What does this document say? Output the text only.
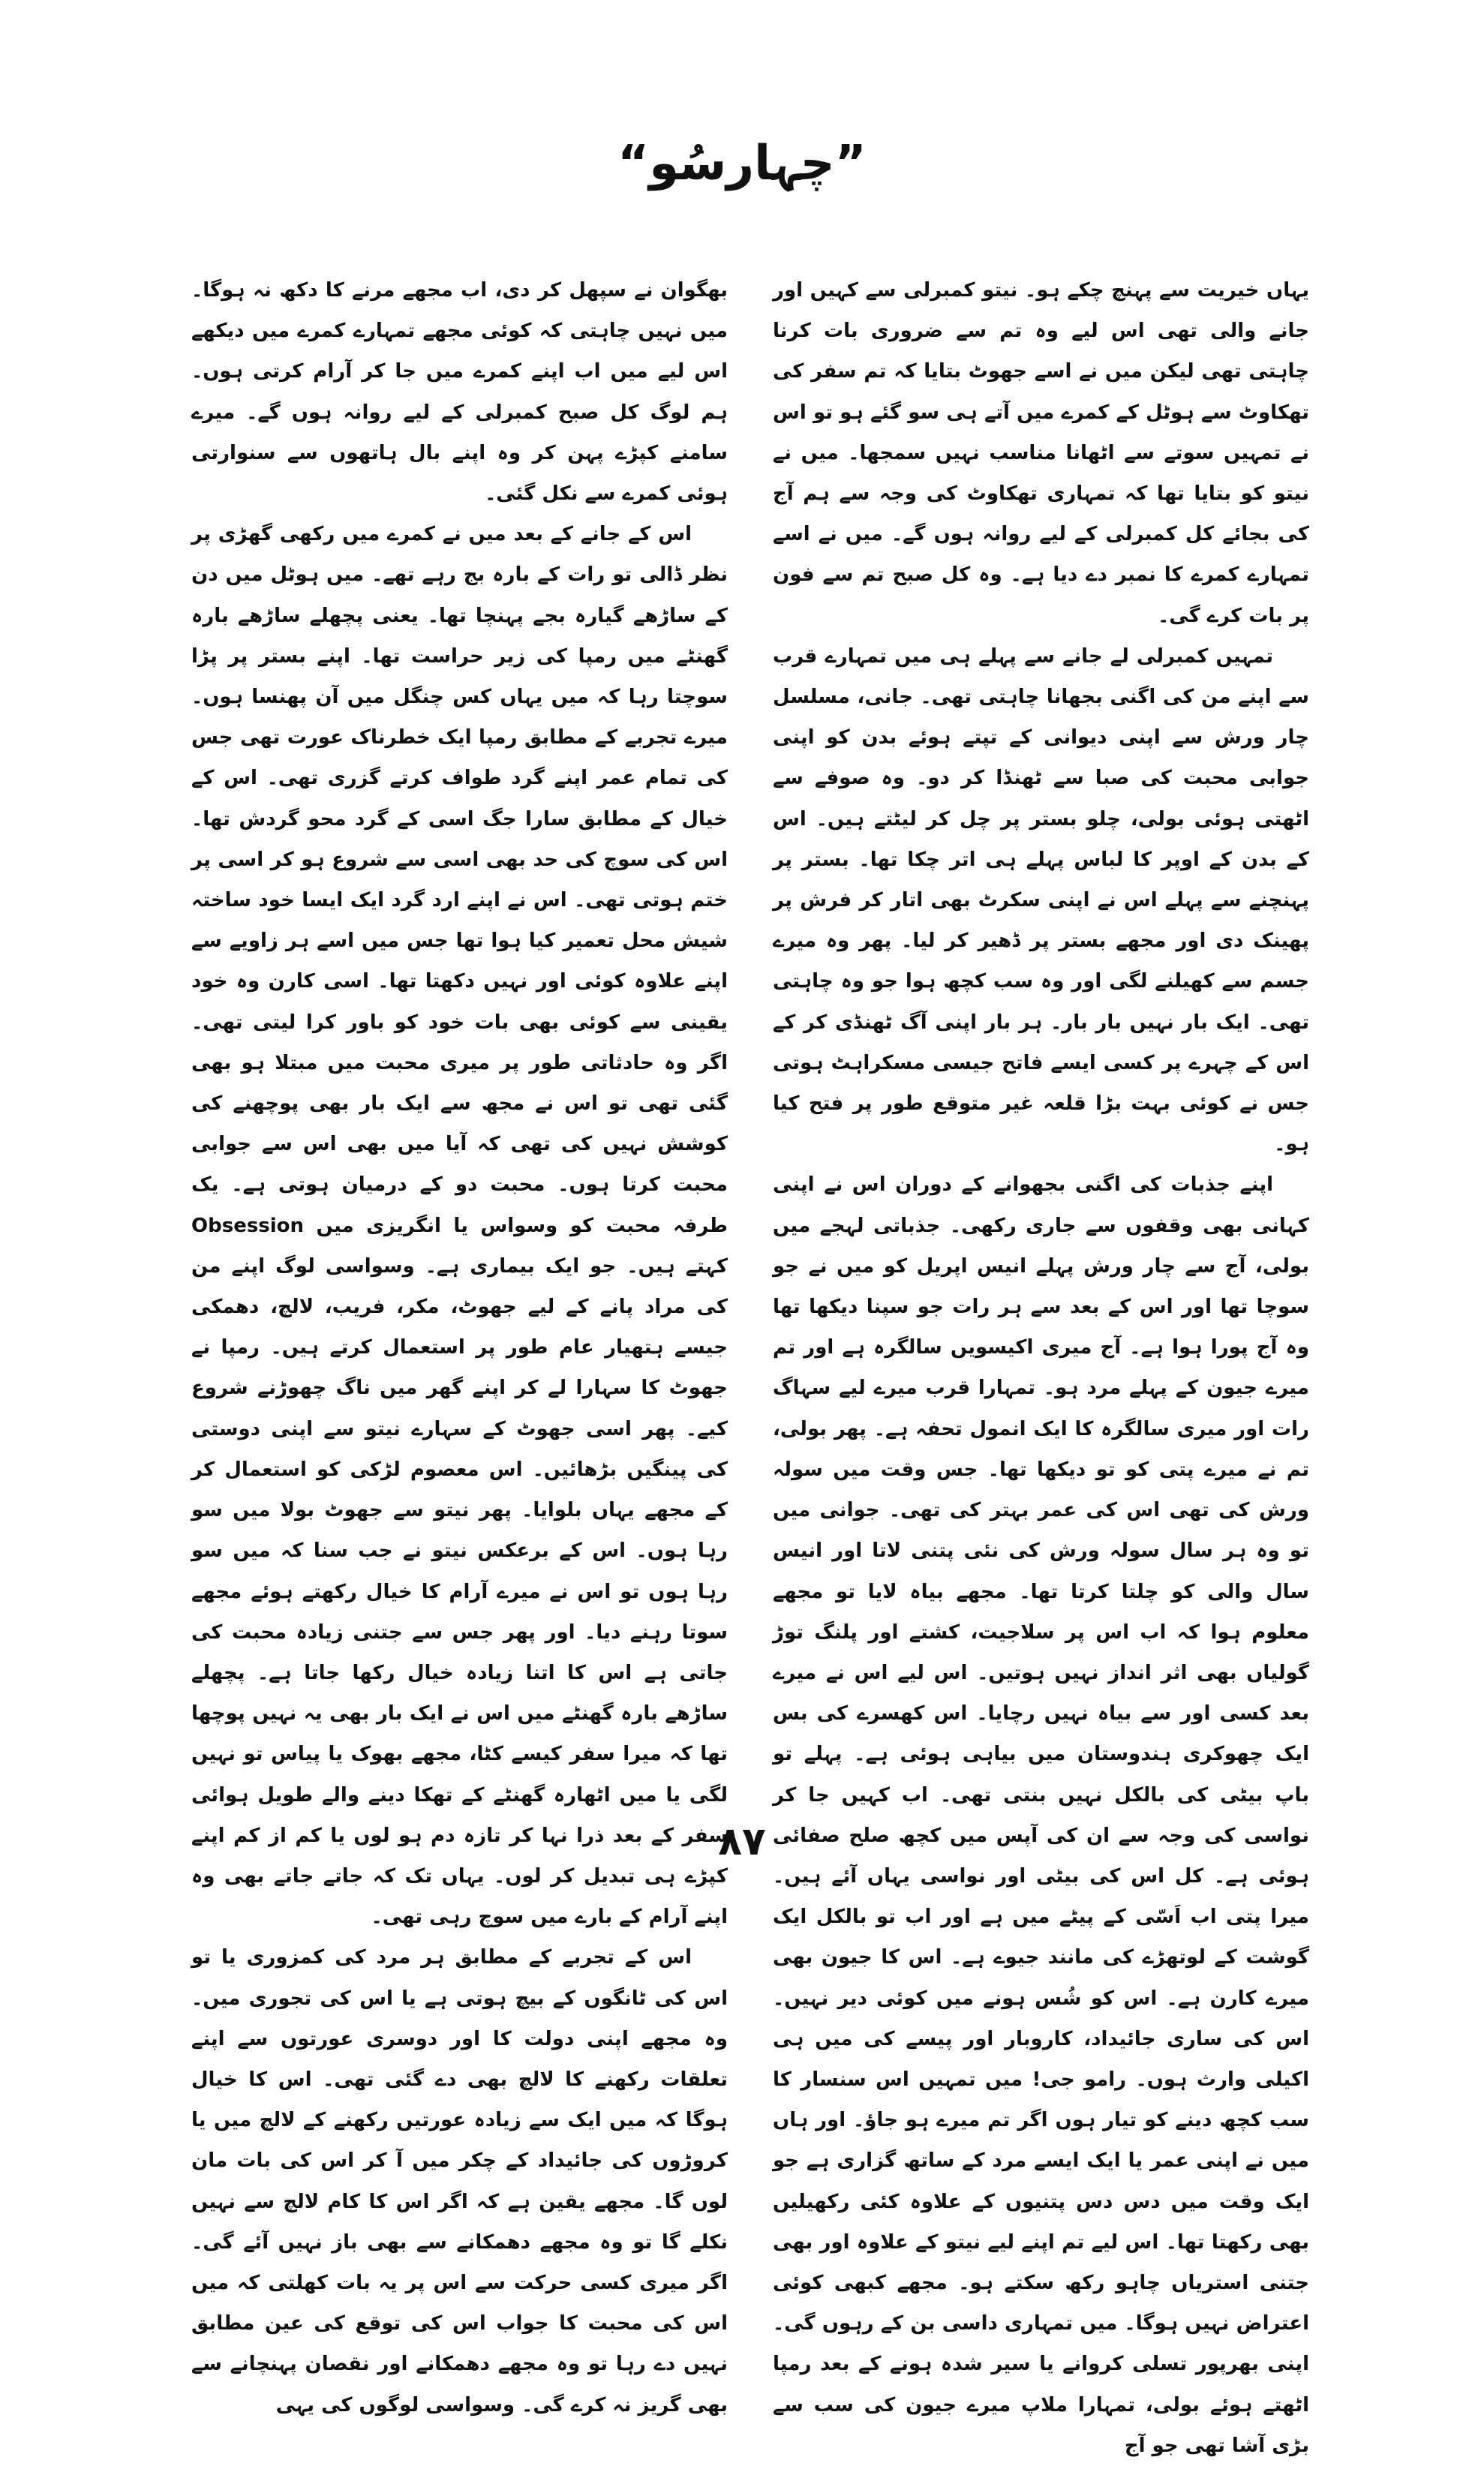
”چہارسُو“

یہاں خیریت سے پہنچ چکے ہو۔ نیتو کمبرلی سے کہیں اور جانے والی تھی اس لیے وہ تم سے ضروری بات کرنا چاہتی تھی لیکن میں نے اسے جھوٹ بتایا کہ تم سفر کی تھکاوٹ سے ہوٹل کے کمرے میں آتے ہی سو گئے ہو تو اس نے تمہیں سوتے سے اٹھانا مناسب نہیں سمجھا۔ میں نے نیتو کو بتایا تھا کہ تمہاری تھکاوٹ کی وجہ سے ہم آج کی بجائے کل کمبرلی کے لیے روانہ ہوں گے۔ میں نے اسے تمہارے کمرے کا نمبر دے دیا ہے۔ وہ کل صبح تم سے فون پر بات کرے گی۔

تمہیں کمبرلی لے جانے سے پہلے ہی میں تمہارے قرب سے اپنے من کی اگنی بجھانا چاہتی تھی۔ جانی، مسلسل چار ورش سے اپنی دیوانی کے تپتے ہوئے بدن کو اپنی جوابی محبت کی صبا سے ٹھنڈا کر دو۔ وہ صوفے سے اٹھتی ہوئی بولی، چلو بستر پر چل کر لیٹتے ہیں۔ اس کے بدن کے اوپر کا لباس پہلے ہی اتر چکا تھا۔ بستر پر پہنچنے سے پہلے اس نے اپنی سکرٹ بھی اتار کر فرش پر پھینک دی اور مجھے بستر پر ڈھیر کر لیا۔ پھر وہ میرے جسم سے کھیلنے لگی اور وہ سب کچھ ہوا جو وہ چاہتی تھی۔ ایک بار نہیں بار بار۔ ہر بار اپنی آگ ٹھنڈی کر کے اس کے چہرے پر کسی ایسے فاتح جیسی مسکراہٹ ہوتی جس نے کوئی بہت بڑا قلعہ غیر متوقع طور پر فتح کیا ہو۔

اپنے جذبات کی اگنی بجھوانے کے دوران اس نے اپنی کہانی بھی وقفوں سے جاری رکھی۔ جذباتی لہجے میں بولی، آج سے چار ورش پہلے انیس اپریل کو میں نے جو سوچا تھا اور اس کے بعد سے ہر رات جو سپنا دیکھا تھا وہ آج پورا ہوا ہے۔ آج میری اکیسویں سالگرہ ہے اور تم میرے جیون کے پہلے مرد ہو۔ تمہارا قرب میرے لیے سہاگ رات اور میری سالگرہ کا ایک انمول تحفہ ہے۔ پھر بولی، تم نے میرے پتی کو تو دیکھا تھا۔ جس وقت میں سولہ ورش کی تھی اس کی عمر بہتر کی تھی۔ جوانی میں تو وہ ہر سال سولہ ورش کی نئی پتنی لاتا اور انیس سال والی کو چلتا کرتا تھا۔ مجھے بیاہ لایا تو مجھے معلوم ہوا کہ اب اس پر سلاجیت، کشتے اور پلنگ توڑ گولیاں بھی اثر انداز نہیں ہوتیں۔ اس لیے اس نے میرے بعد کسی اور سے بیاہ نہیں رچایا۔ اس کھسرے کی بس ایک چھوکری ہندوستان میں بیاہی ہوئی ہے۔ پہلے تو باپ بیٹی کی بالکل نہیں بنتی تھی۔ اب کہیں جا کر نواسی کی وجہ سے ان کی آپس میں کچھ صلح صفائی ہوئی ہے۔ کل اس کی بیٹی اور نواسی یہاں آئے ہیں۔ میرا پتی اب اَسّی کے پیٹے میں ہے اور اب تو بالکل ایک گوشت کے لوتھڑے کی مانند جیوے ہے۔ اس کا جیون بھی میرے کارن ہے۔ اس کو شُس ہونے میں کوئی دیر نہیں۔ اس کی ساری جائیداد، کاروبار اور پیسے کی میں ہی اکیلی وارث ہوں۔ رامو جی! میں تمہیں اس سنسار کا سب کچھ دینے کو تیار ہوں اگر تم میرے ہو جاؤ۔ اور ہاں میں نے اپنی عمر یا ایک ایسے مرد کے ساتھ گزاری ہے جو ایک وقت میں دس دس پتنیوں کے علاوہ کئی رکھیلیں بھی رکھتا تھا۔ اس لیے تم اپنے لیے نیتو کے علاوہ اور بھی جتنی استریاں چاہو رکھ سکتے ہو۔ مجھے کبھی کوئی اعتراض نہیں ہوگا۔ میں تمہاری داسی بن کے رہوں گی۔ اپنی بھرپور تسلی کروانے یا سیر شدہ ہونے کے بعد رمپا اٹھتے ہوئے بولی، تمہارا ملاپ میرے جیون کی سب سے بڑی آشا تھی جو آج

بھگوان نے سپھل کر دی، اب مجھے مرنے کا دکھ نہ ہوگا۔ میں نہیں چاہتی کہ کوئی مجھے تمہارے کمرے میں دیکھے اس لیے میں اب اپنے کمرے میں جا کر آرام کرتی ہوں۔ ہم لوگ کل صبح کمبرلی کے لیے روانہ ہوں گے۔ میرے سامنے کپڑے پہن کر وہ اپنے بال ہاتھوں سے سنوارتی ہوئی کمرے سے نکل گئی۔

اس کے جانے کے بعد میں نے کمرے میں رکھی گھڑی پر نظر ڈالی تو رات کے بارہ بج رہے تھے۔ میں ہوٹل میں دن کے ساڑھے گیارہ بجے پہنچا تھا۔ یعنی پچھلے ساڑھے بارہ گھنٹے میں رمپا کی زیر حراست تھا۔ اپنے بستر پر پڑا سوچتا رہا کہ میں یہاں کس چنگل میں آن پھنسا ہوں۔ میرے تجربے کے مطابق رمپا ایک خطرناک عورت تھی جس کی تمام عمر اپنے گرد طواف کرتے گزری تھی۔ اس کے خیال کے مطابق سارا جگ اسی کے گرد محو گردش تھا۔ اس کی سوچ کی حد بھی اسی سے شروع ہو کر اسی پر ختم ہوتی تھی۔ اس نے اپنے ارد گرد ایک ایسا خود ساختہ شیش محل تعمیر کیا ہوا تھا جس میں اسے ہر زاویے سے اپنے علاوہ کوئی اور نہیں دکھتا تھا۔ اسی کارن وہ خود یقینی سے کوئی بھی بات خود کو باور کرا لیتی تھی۔ اگر وہ حادثاتی طور پر میری محبت میں مبتلا ہو بھی گئی تھی تو اس نے مجھ سے ایک بار بھی پوچھنے کی کوشش نہیں کی تھی کہ آیا میں بھی اس سے جوابی محبت کرتا ہوں۔ محبت دو کے درمیان ہوتی ہے۔ یک طرفہ محبت کو وسواس یا انگریزی میں Obsession کہتے ہیں۔ جو ایک بیماری ہے۔ وسواسی لوگ اپنے من کی مراد پانے کے لیے جھوٹ، مکر، فریب، لالچ، دھمکی جیسے ہتھیار عام طور پر استعمال کرتے ہیں۔ رمپا نے جھوٹ کا سہارا لے کر اپنے گھر میں ناگ چھوڑنے شروع کیے۔ پھر اسی جھوٹ کے سہارے نیتو سے اپنی دوستی کی پینگیں بڑھائیں۔ اس معصوم لڑکی کو استعمال کر کے مجھے یہاں بلوایا۔ پھر نیتو سے جھوٹ بولا میں سو رہا ہوں۔ اس کے برعکس نیتو نے جب سنا کہ میں سو رہا ہوں تو اس نے میرے آرام کا خیال رکھتے ہوئے مجھے سوتا رہنے دیا۔ اور پھر جس سے جتنی زیادہ محبت کی جاتی ہے اس کا اتنا زیادہ خیال رکھا جاتا ہے۔ پچھلے ساڑھے بارہ گھنٹے میں اس نے ایک بار بھی یہ نہیں پوچھا تھا کہ میرا سفر کیسے کٹا، مجھے بھوک یا پیاس تو نہیں لگی یا میں اٹھارہ گھنٹے کے تھکا دینے والے طویل ہوائی سفر کے بعد ذرا نہا کر تازہ دم ہو لوں یا کم از کم اپنے کپڑے ہی تبدیل کر لوں۔ یہاں تک کہ جاتے جاتے بھی وہ اپنے آرام کے بارے میں سوچ رہی تھی۔

اس کے تجربے کے مطابق ہر مرد کی کمزوری یا تو اس کی ٹانگوں کے بیچ ہوتی ہے یا اس کی تجوری میں۔ وہ مجھے اپنی دولت کا اور دوسری عورتوں سے اپنے تعلقات رکھنے کا لالچ بھی دے گئی تھی۔ اس کا خیال ہوگا کہ میں ایک سے زیادہ عورتیں رکھنے کے لالچ میں یا کروڑوں کی جائیداد کے چکر میں آ کر اس کی بات مان لوں گا۔ مجھے یقین ہے کہ اگر اس کا کام لالچ سے نہیں نکلے گا تو وہ مجھے دھمکانے سے بھی باز نہیں آئے گی۔ اگر میری کسی حرکت سے اس پر یہ بات کھلتی کہ میں اس کی محبت کا جواب اس کی توقع کی عین مطابق نہیں دے رہا تو وہ مجھے دھمکانے اور نقصان پہنچانے سے بھی گریز نہ کرے گی۔ وسواسی لوگوں کی یہی

۸۷
